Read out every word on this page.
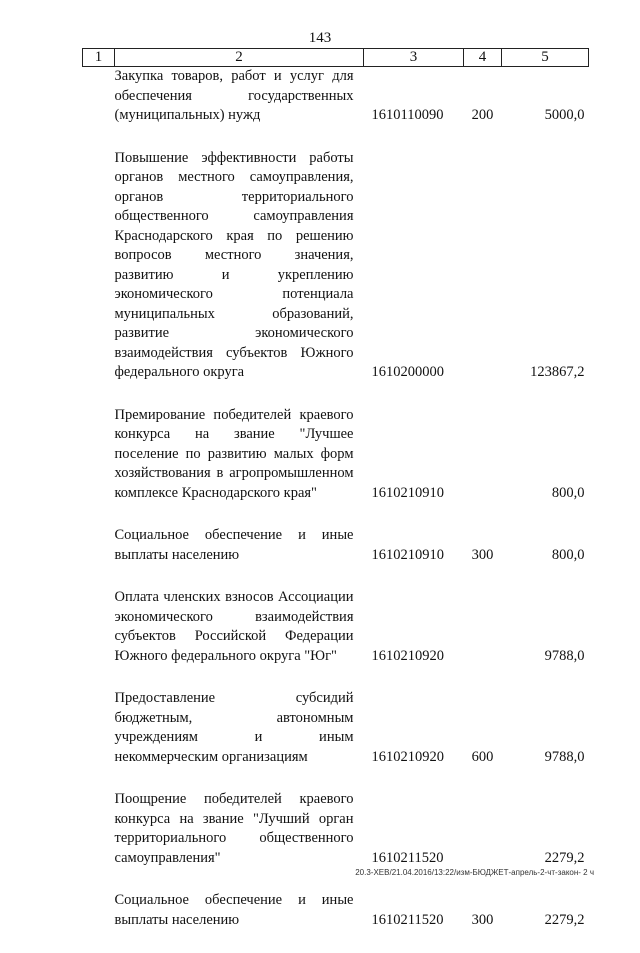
143
1	2	3	4	5
Закупка товаров, работ и услуг для обеспечения государственных (муниципальных) нужд		1610110090	200	5000,0
Повышение эффективности работы органов местного самоуправления, органов территориального общественного самоуправления Краснодарского края по решению вопросов местного значения, развитию и укреплению экономического потенциала муниципальных образований, развитие экономического взаимодействия субъектов Южного федерального округа		1610200000		123867,2
Премирование победителей краевого конкурса на звание "Лучшее поселение по развитию малых форм хозяйствования в агропромышленном комплексе Краснодарского края"		1610210910		800,0
Социальное обеспечение и иные выплаты населению		1610210910	300	800,0
Оплата членских взносов Ассоциации экономического взаимодействия субъектов Российской Федерации Южного федерального округа "Юг"		1610210920		9788,0
Предоставление субсидий бюджетным, автономным учреждениям и иным некоммерческим организациям		1610210920	600	9788,0
Поощрение победителей краевого конкурса на звание "Лучший орган территориального общественного самоуправления"		1610211520		2279,2
Социальное обеспечение и иные выплаты населению		1610211520	300	2279,2
20.3-ХЕВ/21.04.2016/13:22/изм-БЮДЖЕТ-апрель-2-чт-закон- 2 ч
